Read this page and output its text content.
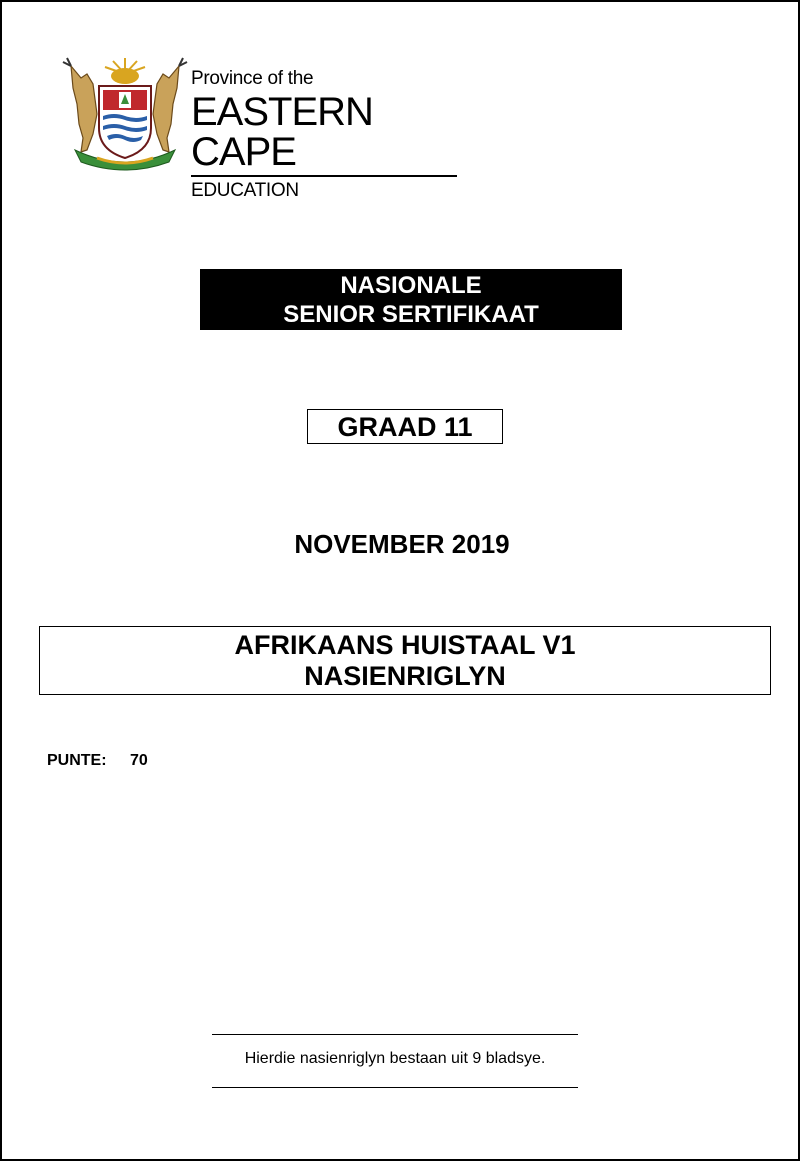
Province of the
EASTERN CAPE
EDUCATION
NASIONALE
SENIOR SERTIFIKAAT
GRAAD 11
NOVEMBER 2019
AFRIKAANS HUISTAAL V1
NASIENRIGLYN
PUNTE: 70
Hierdie nasienriglyn bestaan uit 9 bladsye.
